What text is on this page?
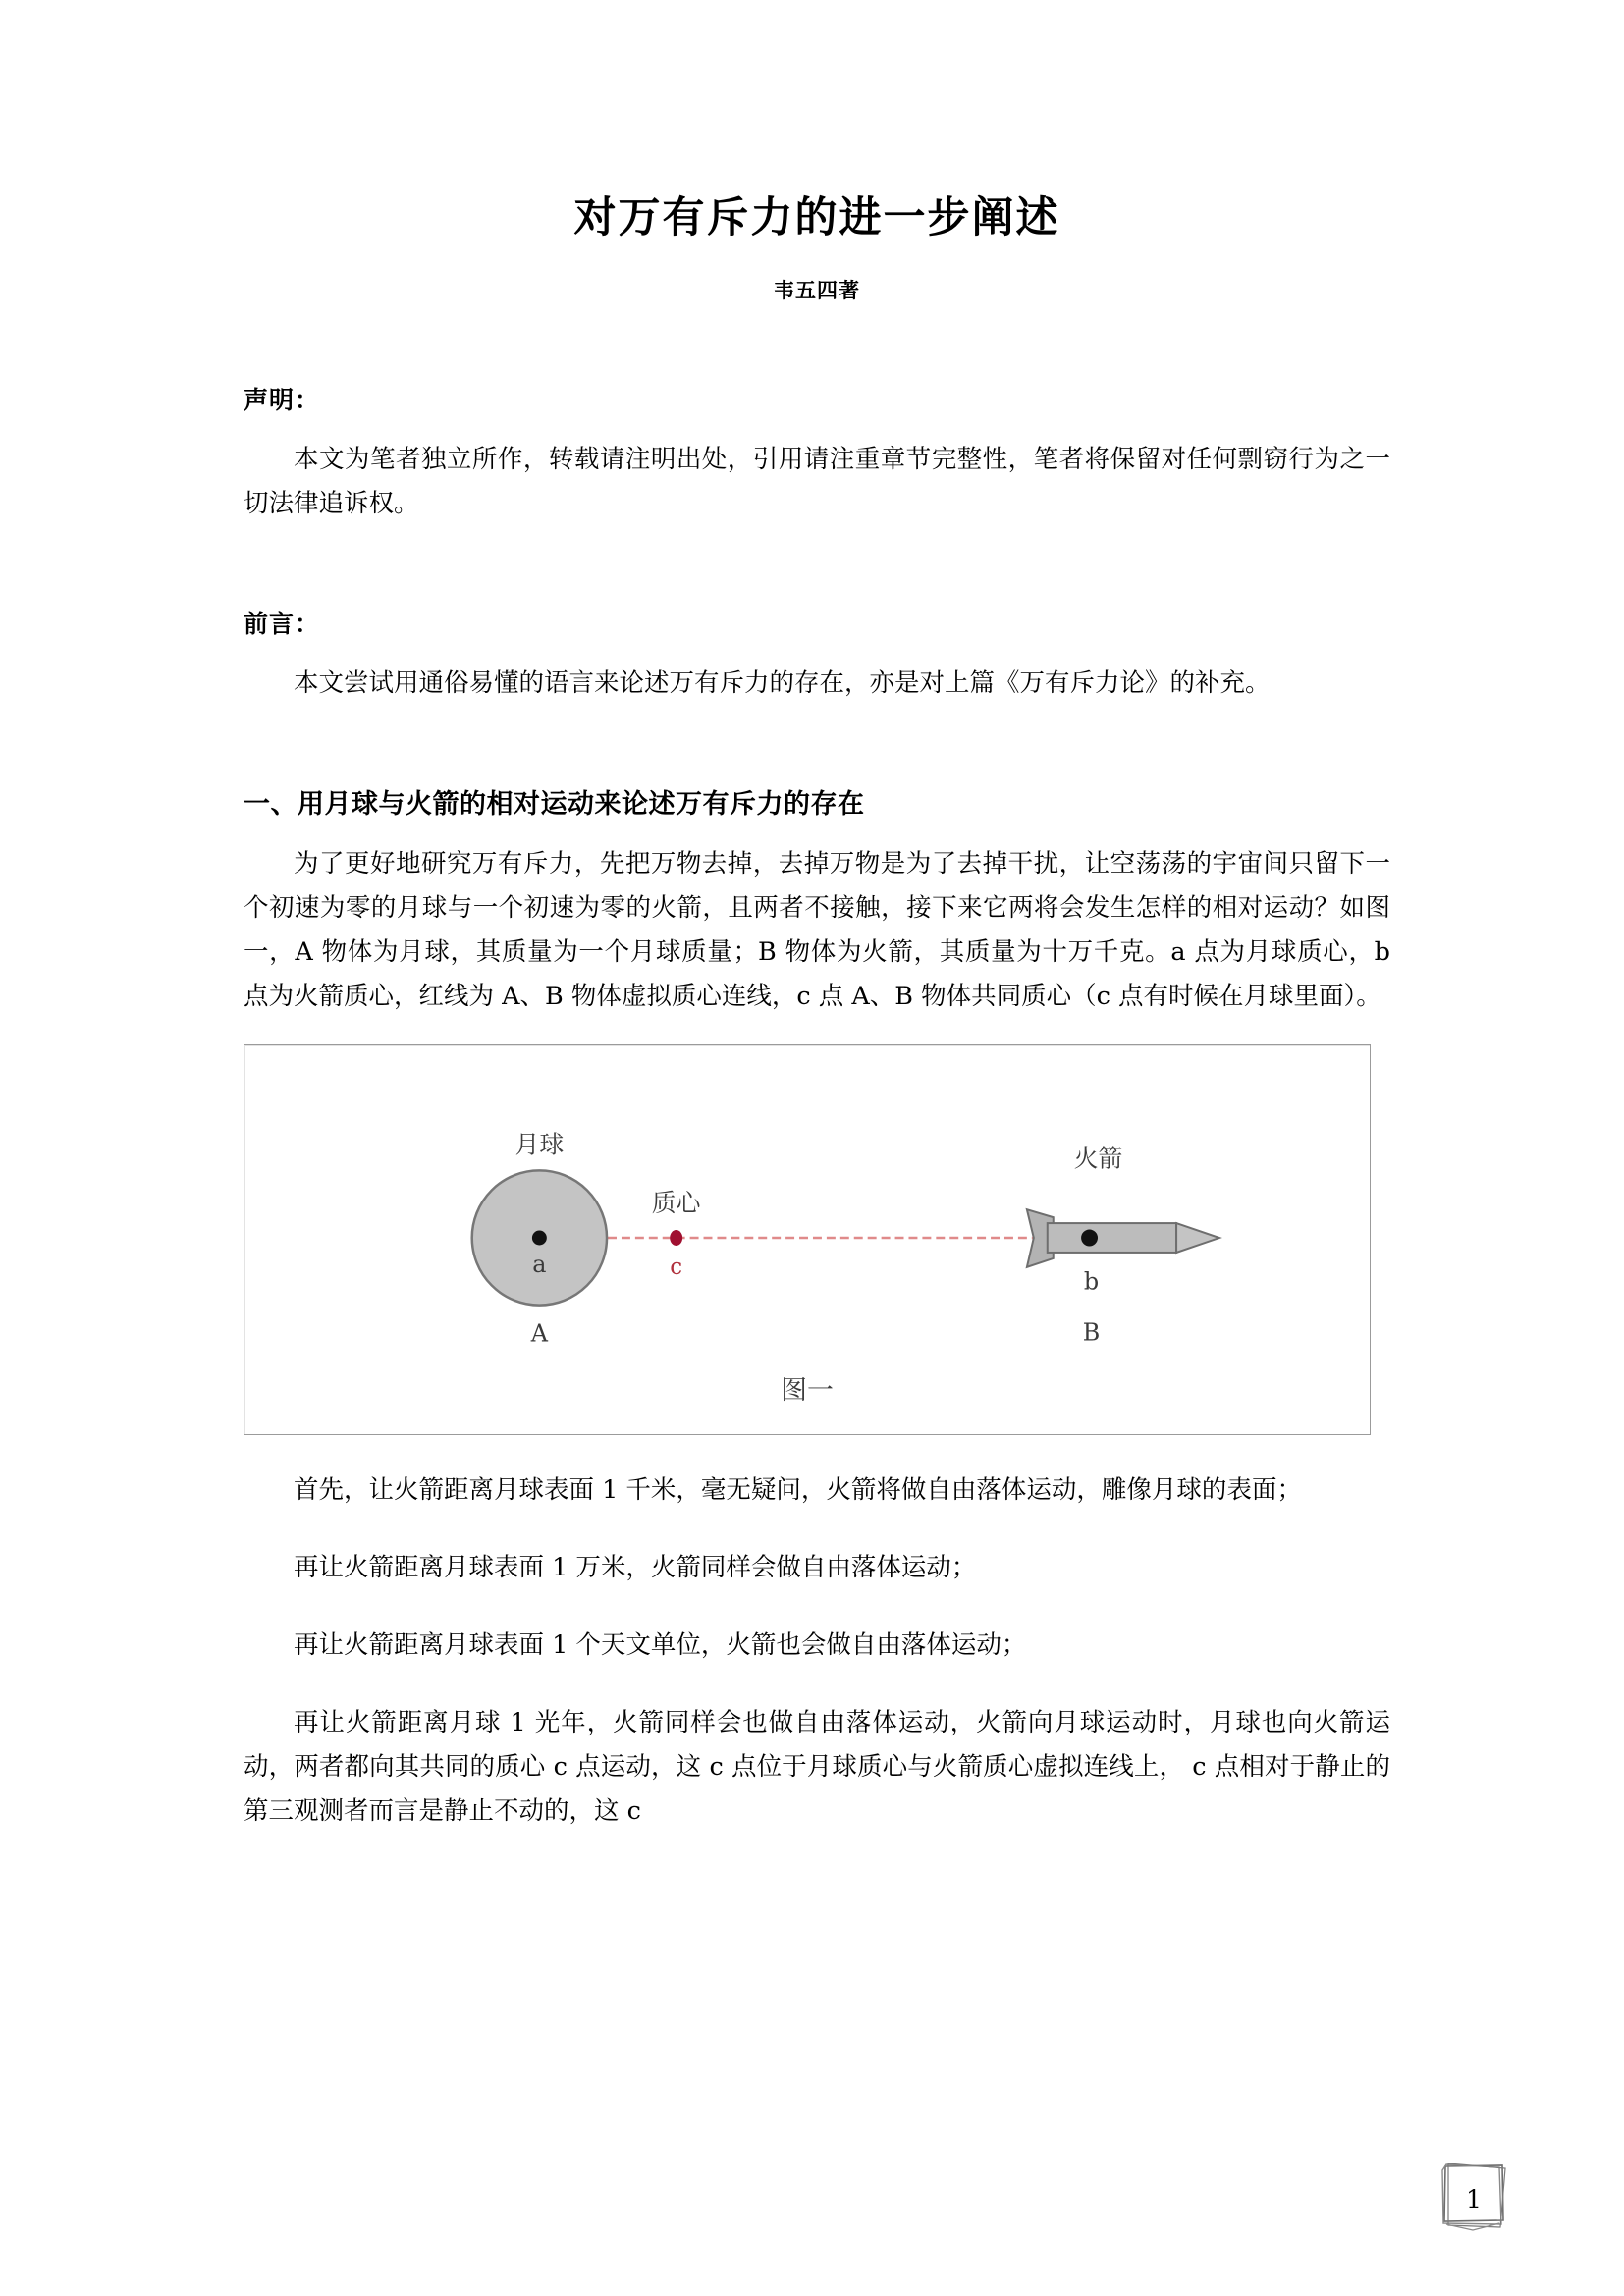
对万有斥力的进一步阐述
韦五四著
声明：

本文为笔者独立所作，转载请注明出处，引用请注重章节完整性，笔者将保留对任何剽窃行为之一切法律追诉权。

前言：

本文尝试用通俗易懂的语言来论述万有斥力的存在，亦是对上篇《万有斥力论》的补充。

一、用月球与火箭的相对运动来论述万有斥力的存在

为了更好地研究万有斥力，先把万物去掉，去掉万物是为了去掉干扰，让空荡荡的宇宙间只留下一个初速为零的月球与一个初速为零的火箭，且两者不接触，接下来它两将会发生怎样的相对运动？如图一，A 物体为月球，其质量为一个月球质量；B 物体为火箭，其质量为十万千克。a 点为月球质心，b 点为火箭质心，红线为 A、B 物体虚拟质心连线，c 点 A、B 物体共同质心（c 点有时候在月球里面）。

月球
a
A
质心
c
火箭
b
B
图一

首先，让火箭距离月球表面 1 千米，毫无疑问，火箭将做自由落体运动，雕像月球的表面；

再让火箭距离月球表面 1 万米，火箭同样会做自由落体运动；

再让火箭距离月球表面 1 个天文单位，火箭也会做自由落体运动；

再让火箭距离月球 1 光年，火箭同样会也做自由落体运动，火箭向月球运动时，月球也向火箭运动，两者都向其共同的质心 c 点运动，这 c 点位于月球质心与火箭质心虚拟连线上， c 点相对于静止的第三观测者而言是静止不动的，这 c

1
